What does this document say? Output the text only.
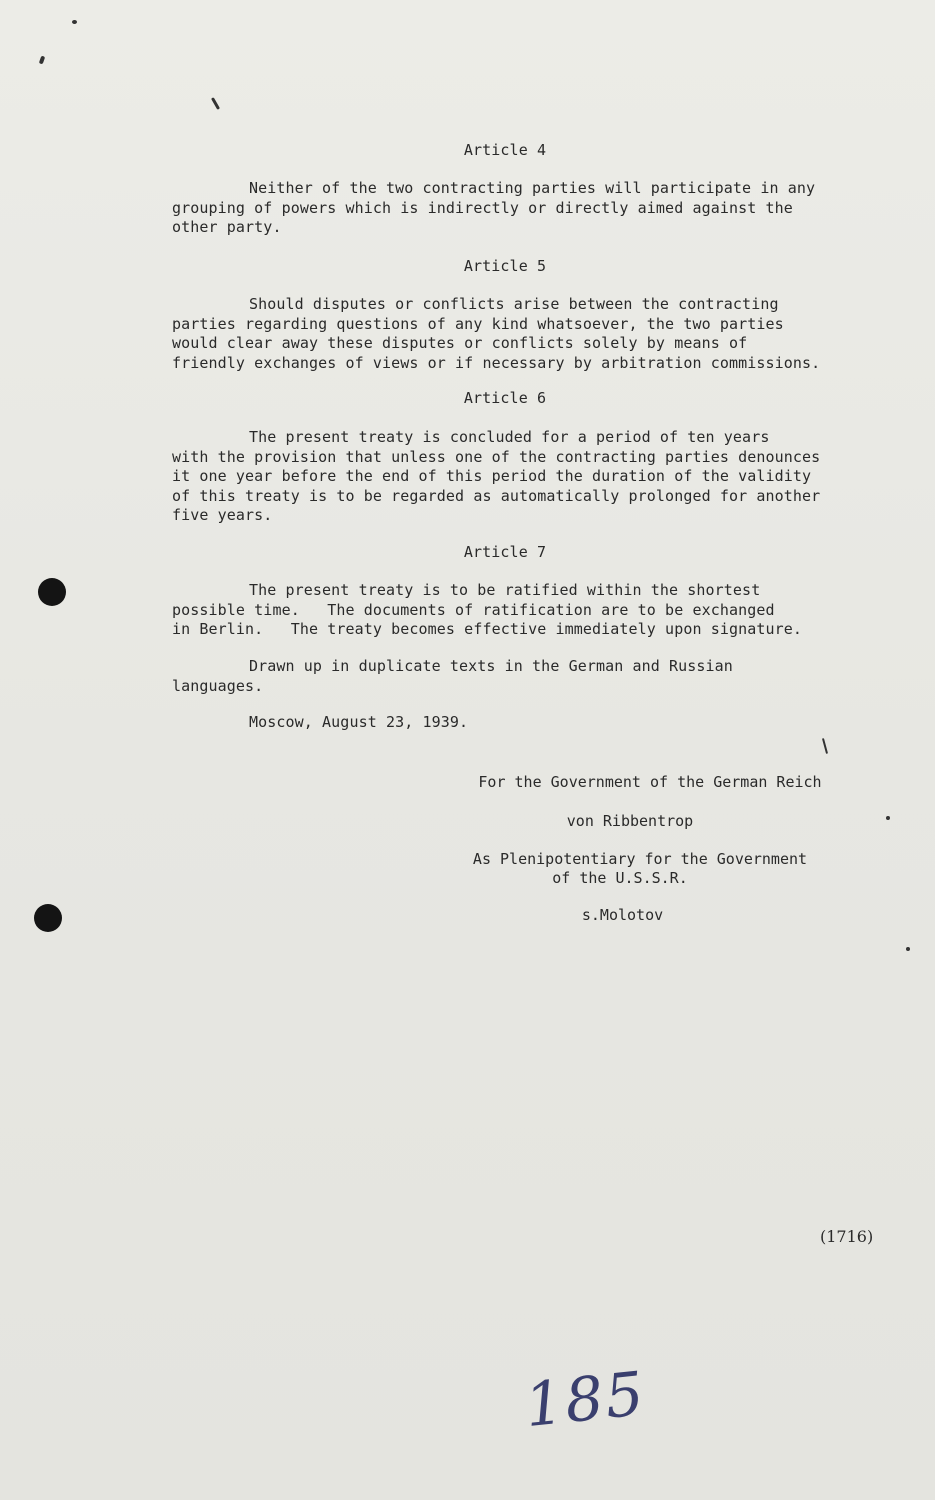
Article 4
Neither of the two contracting parties will participate in any
grouping of powers which is indirectly or directly aimed against the
other party.
Article 5
Should disputes or conflicts arise between the contracting
parties regarding questions of any kind whatsoever, the two parties
would clear away these disputes or conflicts solely by means of
friendly exchanges of views or if necessary by arbitration commissions.
Article 6
The present treaty is concluded for a period of ten years
with the provision that unless one of the contracting parties denounces
it one year before the end of this period the duration of the validity
of this treaty is to be regarded as automatically prolonged for another
five years.
Article 7
The present treaty is to be ratified within the shortest
possible time.   The documents of ratification are to be exchanged
in Berlin.   The treaty becomes effective immediately upon signature.
Drawn up in duplicate texts in the German and Russian
languages.
Moscow, August 23, 1939.
For the Government of the German Reich
von Ribbentrop
As Plenipotentiary for the Government
of the U.S.S.R.
s.Molotov
(1716)
185
